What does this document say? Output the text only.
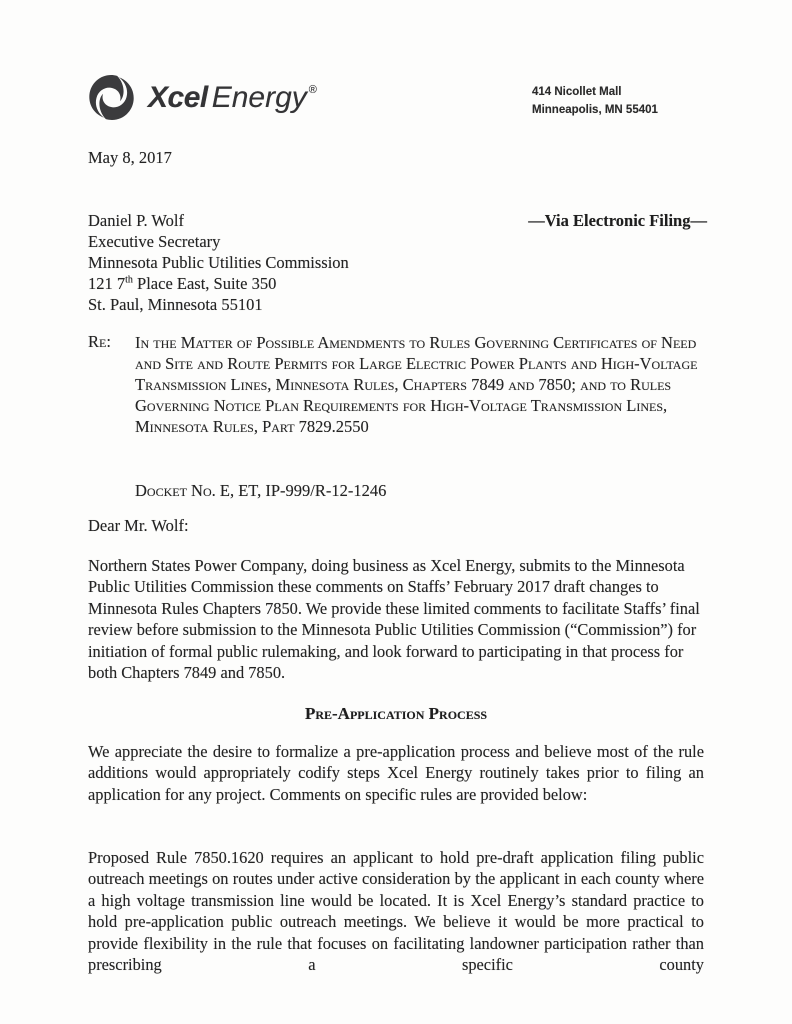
Xcel Energy ®	414 Nicollet Mall
Minneapolis, MN 55401
May 8, 2017
—Via Electronic Filing—
Daniel P. Wolf
Executive Secretary
Minnesota Public Utilities Commission
121 7th Place East, Suite 350
St. Paul, Minnesota 55101
Re:	In the Matter of Possible Amendments to Rules Governing Certificates of Need and Site and Route Permits for Large Electric Power Plants and High-Voltage Transmission Lines, Minnesota Rules, Chapters 7849 and 7850; and to Rules Governing Notice Plan Requirements for High-Voltage Transmission Lines, Minnesota Rules, Part 7829.2550
Docket No. E, ET, IP-999/R-12-1246
Dear Mr. Wolf:

Northern States Power Company, doing business as Xcel Energy, submits to the Minnesota Public Utilities Commission these comments on Staffs’ February 2017 draft changes to Minnesota Rules Chapters 7850. We provide these limited comments to facilitate Staffs’ final review before submission to the Minnesota Public Utilities Commission (“Commission”) for initiation of formal public rulemaking, and look forward to participating in that process for both Chapters 7849 and 7850.

Pre-Application Process

We appreciate the desire to formalize a pre-application process and believe most of the rule additions would appropriately codify steps Xcel Energy routinely takes prior to filing an application for any project. Comments on specific rules are provided below:

Proposed Rule 7850.1620 requires an applicant to hold pre-draft application filing public outreach meetings on routes under active consideration by the applicant in each county where a high voltage transmission line would be located. It is Xcel Energy’s standard practice to hold pre-application public outreach meetings. We believe it would be more practical to provide flexibility in the rule that focuses on facilitating landowner participation rather than prescribing a specific county
